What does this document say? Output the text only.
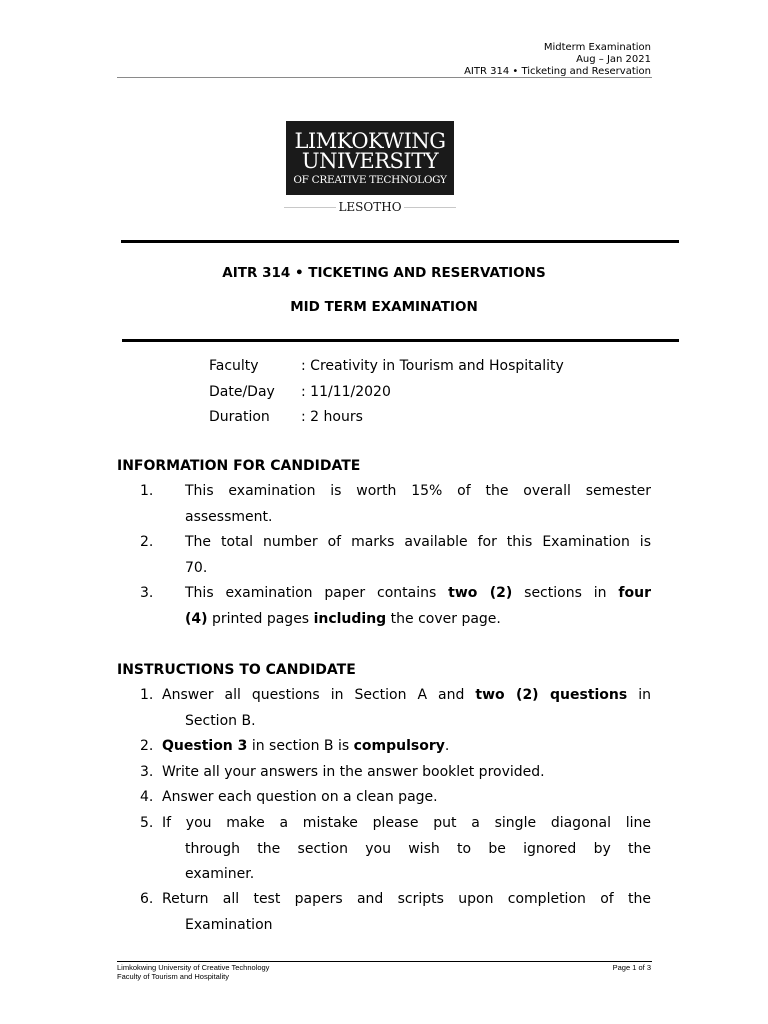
Midterm Examination
Aug – Jan 2021
AITR 314 • Ticketing and Reservation
LIMKOKWING
UNIVERSITY
OF CREATIVE TECHNOLOGY
LESOTHO
AITR 314 • TICKETING AND RESERVATIONS
MID TERM EXAMINATION
Faculty	: Creativity in Tourism and Hospitality
Date/Day : 11/11/2020
Duration : 2 hours
INFORMATION FOR CANDIDATE
1. This examination is worth 15% of the overall semester
assessment.
2. The total number of marks available for this Examination is
70.
3. This examination paper contains two (2) sections in four
(4) printed pages including the cover page.
INSTRUCTIONS TO CANDIDATE
1. Answer all questions in Section A and two (2) questions in
Section B.
2. Question 3 in section B is compulsory.
3. Write all your answers in the answer booklet provided.
4. Answer each question on a clean page.
5. If you make a mistake please put a single diagonal line
through the section you wish to be ignored by the
examiner.
6. Return all test papers and scripts upon completion of the
Examination
Limkokwing University of Creative Technology
Faculty of Tourism and Hospitality
Page 1 of 3
